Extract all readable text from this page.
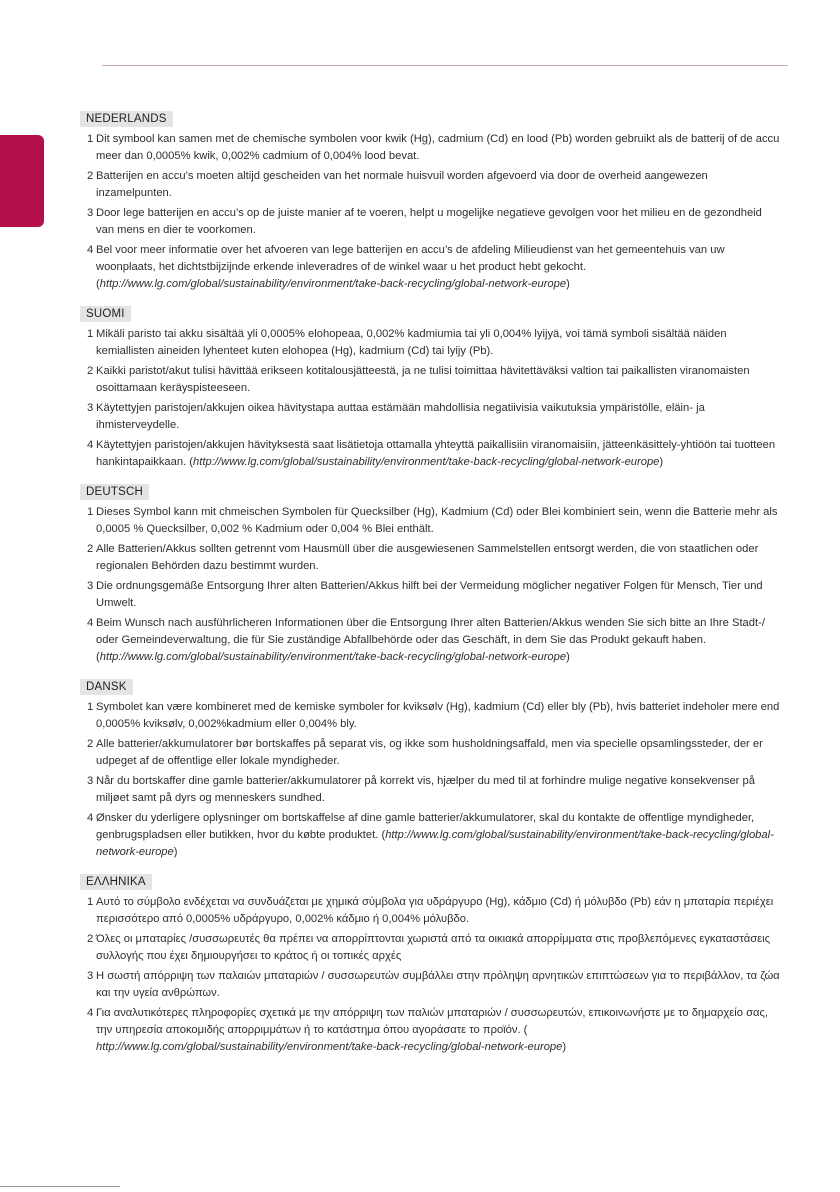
NEDERLANDS
1 Dit symbool kan samen met de chemische symbolen voor kwik (Hg), cadmium (Cd) en lood (Pb) worden gebruikt als de batterij of de accu meer dan 0,0005% kwik, 0,002% cadmium of 0,004% lood bevat.
2 Batterijen en accu’s moeten altijd gescheiden van het normale huisvuil worden afgevoerd via door de overheid aangewezen inzamelpunten.
3 Door lege batterijen en accu’s op de juiste manier af te voeren, helpt u mogelijke negatieve gevolgen voor het milieu en de gezondheid van mens en dier te voorkomen.
4 Bel voor meer informatie over het afvoeren van lege batterijen en accu’s de afdeling Milieudienst van het gemeentehuis van uw woonplaats, het dichtstbijzijnde erkende inleveradres of de winkel waar u het product hebt gekocht. (http://www.lg.com/global/sustainability/environment/take-back-recycling/global-network-europe)
SUOMI
1 Mikäli paristo tai akku sisältää yli 0,0005% elohopeaa, 0,002% kadmiumia tai yli 0,004% lyijyä, voi tämä symboli sisältää näiden kemiallisten aineiden lyhenteet kuten elohopea (Hg), kadmium (Cd) tai lyijy (Pb).
2 Kaikki paristot/akut tulisi hävittää erikseen kotitalousjätteestä, ja ne tulisi toimittaa hävitettäväksi valtion tai paikallisten viranomaisten osoittamaan keräyspisteeseen.
3 Käytettyjen paristojen/akkujen oikea hävitystapa auttaa estämään mahdollisia negatiivisia vaikutuksia ympäristölle, eläin- ja ihmisterveydelle.
4 Käytettyjen paristojen/akkujen hävityksestä saat lisätietoja ottamalla yhteyttä paikallisiin viranomaisiin, jätteenkäsittely-yhtiöön tai tuotteen hankintapaikkaan. (http://www.lg.com/global/sustainability/environment/take-back-recycling/global-network-europe)
DEUTSCH
1 Dieses Symbol kann mit chmeischen Symbolen für Quecksilber (Hg), Kadmium (Cd) oder Blei kombiniert sein, wenn die Batterie mehr als 0,0005 % Quecksilber, 0,002 % Kadmium oder 0,004 % Blei enthält.
2 Alle Batterien/Akkus sollten getrennt vom Hausmüll über die ausgewiesenen Sammelstellen entsorgt werden, die von staatlichen oder regionalen Behörden dazu bestimmt wurden.
3 Die ordnungsgemäße Entsorgung Ihrer alten Batterien/Akkus hilft bei der Vermeidung möglicher negativer Folgen für Mensch, Tier und Umwelt.
4 Beim Wunsch nach ausführlicheren Informationen über die Entsorgung Ihrer alten Batterien/Akkus wenden Sie sich bitte an Ihre Stadt-/ oder Gemeindeverwaltung, die für Sie zuständige Abfallbehörde oder das Geschäft, in dem Sie das Produkt gekauft haben. (http://www.lg.com/global/sustainability/environment/take-back-recycling/global-network-europe)
DANSK
1 Symbolet kan være kombineret med de kemiske symboler for kviksølv (Hg), kadmium (Cd) eller bly (Pb), hvis batteriet indeholer mere end 0,0005% kviksølv, 0,002%kadmium eller 0,004% bly.
2 Alle batterier/akkumulatorer bør bortskaffes på separat vis, og ikke som husholdningsaffald, men via specielle opsamlingssteder, der er udpeget af de offentlige eller lokale myndigheder.
3 Når du bortskaffer dine gamle batterier/akkumulatorer på korrekt vis, hjælper du med til at forhindre mulige negative konsekvenser på miljøet samt på dyrs og menneskers sundhed.
4 Ønsker du yderligere oplysninger om bortskaffelse af dine gamle batterier/akkumulatorer, skal du kontakte de offentlige myndigheder, genbrugspladsen eller butikken, hvor du købte produktet. (http://www.lg.com/global/sustainability/environment/take-back-recycling/global-network-europe)
ΕΛΛΗΝΙΚΑ
1 Αυτό το σύμβολο ενδέχεται να συνδυάζεται με χημικά σύμβολα για υδράργυρο (Hg), κάδμιο (Cd) ή μόλυβδο (Pb) εάν η μπαταρία περιέχει περισσότερο από 0,0005% υδράργυρο, 0,002% κάδμιο ή 0,004% μόλυβδο.
2 Όλες οι μπαταρίες /συσσωρευτές θα πρέπει να απορρίπτονται χωριστά από τα οικιακά απορρίμματα στις προβλεπόμενες εγκαταστάσεις συλλογής που έχει δημιουργήσει το κράτος ή οι τοπικές αρχές
3 Η σωστή απόρριψη των παλαιών μπαταριών / συσσωρευτών συμβάλλει στην πρόληψη αρνητικών επιπτώσεων για το περιβάλλον, τα ζώα και την υγεία ανθρώπων.
4 Για αναλυτικότερες πληροφορίες σχετικά με την απόρριψη των παλιών μπαταριών / συσσωρευτών, επικοινωνήστε με το δημαρχείο σας, την υπηρεσία αποκομιδής απορριμμάτων ή το κατάστημα όπου αγοράσατε το προϊόν. (
http://www.lg.com/global/sustainability/environment/take-back-recycling/global-network-europe)
